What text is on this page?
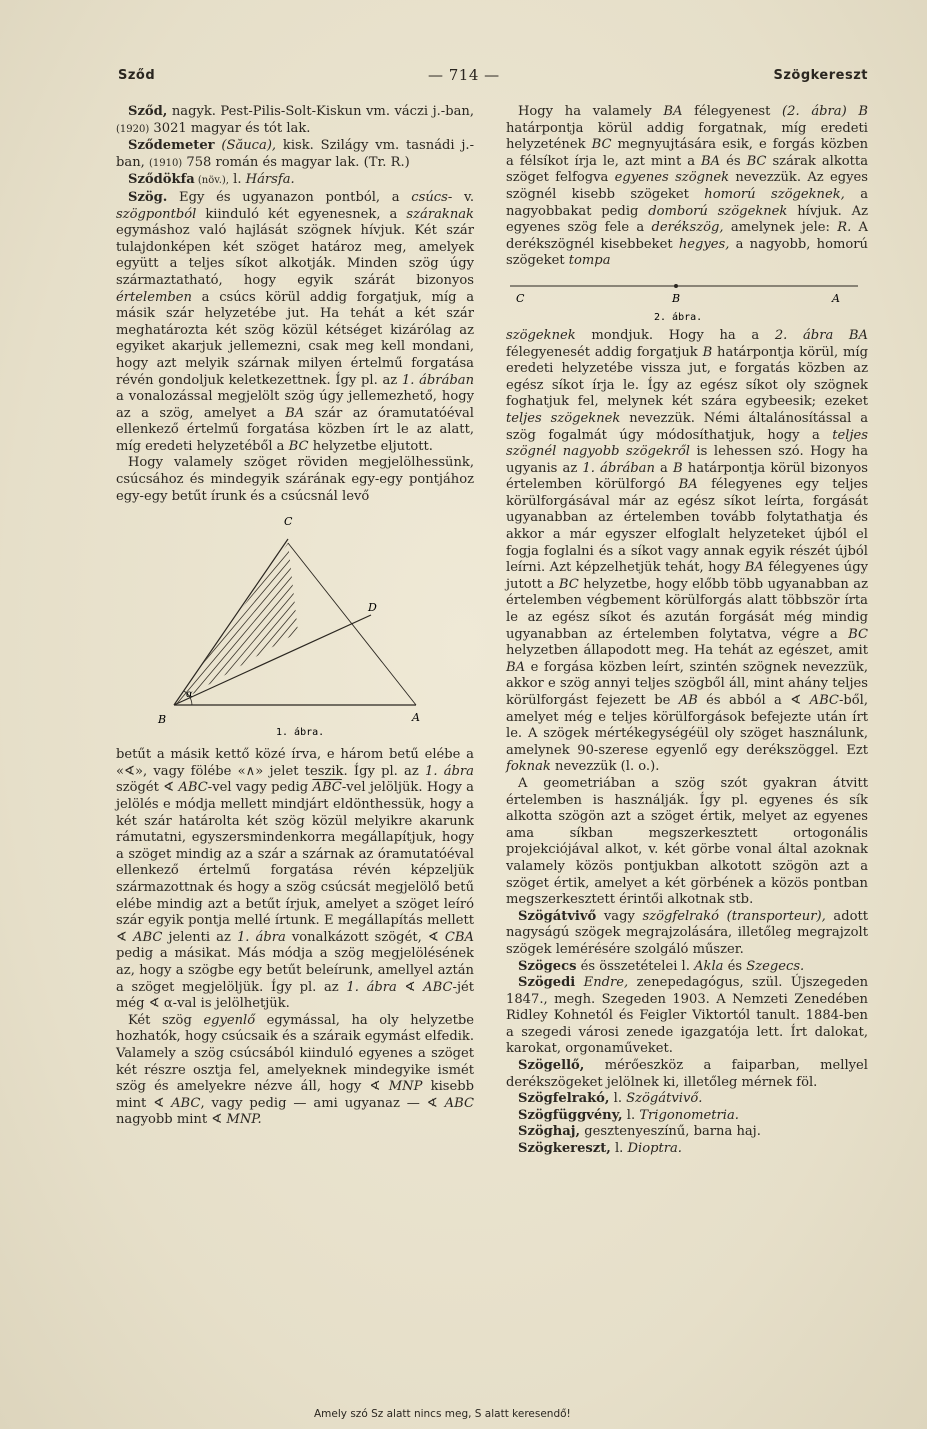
Sződ	— 714 —	Szögkereszt

Sződ, nagyk. Pest-Pilis-Solt-Kiskun vm. váczi j.-ban, (1920) 3021 magyar és tót lak.

Sződemeter (Săuca), kisk. Szilágy vm. tasnádi j.-ban, (1910) 758 román és magyar lak. (Tr. R.)

Sződökfa (növ.), l. Hársfa.

Szög. Egy és ugyanazon pontból, a csúcs- v. szögpontból kiinduló két egyenesnek, a száraknak egymáshoz való hajlását szögnek hívjuk. Két szár tulajdonképen két szöget határoz meg, amelyek együtt a teljes síkot alkotják. Minden szög úgy származtatható, hogy egyik szárát bizonyos értelemben a csúcs körül addig forgatjuk, míg a másik szár helyzetébe jut. Ha tehát a két szár meghatározta két szög közül kétséget kizárólag az egyiket akarjuk jellemezni, csak meg kell mondani, hogy azt melyik szárnak milyen értelmű forgatása révén gondoljuk keletkezettnek. Így pl. az 1. ábrában a vonalozással megjelölt szög úgy jellemezhető, hogy az a szög, amelyet a BA szár az óramutatóéval ellenkező értelmű forgatása közben írt le az alatt, míg eredeti helyzetéből a BC helyzetbe eljutott.

Hogy valamely szöget röviden megjelölhessünk, csúcsához és mindegyik szárának egy-egy pontjához egy-egy betűt írunk és a csúcsnál levő

C
D
B	A
α
1. ábra.

betűt a másik kettő közé írva, e három betű elébe a «∢», vagy fölébe «∧» jelet teszik. Így pl. az 1. ábra szögét ∢ ABC-vel vagy pedig $\overline{ABC}$-vel jelöljük. Hogy a jelölés e módja mellett mindjárt eldönthessük, hogy a két szár határolta két szög közül melyikre akarunk rámutatni, egyszersmindenkorra megállapítjuk, hogy a szöget mindig az a szár a szárnak az óramutatóéval ellenkező értelmű forgatása révén képzeljük származottnak és hogy a szög csúcsát megjelölő betű elébe mindig azt a betűt írjuk, amelyet a szöget leíró szár egyik pontja mellé írtunk. E megállapítás mellett ∢ ABC jelenti az 1. ábra vonalkázott szögét, ∢ CBA pedig a másikat. Más módja a szög megjelölésének az, hogy a szögbe egy betűt beleírunk, amellyel aztán a szöget megjelöljük. Így pl. az 1. ábra ∢ ABC-jét még ∢ α-val is jelölhetjük.

Két szög egyenlő egymással, ha oly helyzetbe hozhatók, hogy csúcsaik és a száraik egymást elfedik. Valamely a szög csúcsából kiinduló egyenes a szöget két részre osztja fel, amelyeknek mindegyike ismét szög és amelyekre nézve áll, hogy ∢ MNP kisebb mint ∢ ABC, vagy pedig — ami ugyanaz — ∢ ABC nagyobb mint ∢ MNP.

Hogy ha valamely BA félegyenest (2. ábra) B határpontja körül addig forgatnak, míg eredeti helyzetének BC megnyujtására esik, e forgás közben a félsíkot írja le, azt mint a BA és BC szárak alkotta szöget felfogva egyenes szögnek nevezzük. Az egyes szögnél kisebb szögeket homorú szögeknek, a nagyobbakat pedig domború szögeknek hívjuk. Az egyenes szög fele a derékszög, amelynek jele: R. A derékszögnél kisebbeket hegyes, a nagyobb, homorú szögeket tompa

C	B	A
2. ábra.

szögeknek mondjuk. Hogy ha a 2. ábra BA félegyenesét addig forgatjuk B határpontja körül, míg eredeti helyzetébe vissza jut, e forgatás közben az egész síkot írja le. Így az egész síkot oly szögnek foghatjuk fel, melynek két szára egybeesik; ezeket teljes szögeknek nevezzük. Némi általánosítással a szög fogalmát úgy módosíthatjuk, hogy a teljes szögnél nagyobb szögekről is lehessen szó. Hogy ha ugyanis az 1. ábrában a B határpontja körül bizonyos értelemben körülforgó BA félegyenes egy teljes körülforgásával már az egész síkot leírta, forgását ugyanabban az értelemben tovább folytathatja és akkor a már egyszer elfoglalt helyzeteket újból el fogja foglalni és a síkot vagy annak egyik részét újból leírni. Azt képzelhetjük tehát, hogy BA félegyenes úgy jutott a BC helyzetbe, hogy előbb több ugyanabban az értelemben végbement körülforgás alatt többször írta le az egész síkot és azután forgását még mindig ugyanabban az értelemben folytatva, végre a BC helyzetben állapodott meg. Ha tehát az egészet, amit BA e forgása közben leírt, szintén szögnek nevezzük, akkor e szög annyi teljes szögből áll, mint ahány teljes körülforgást fejezett be AB és abból a ∢ ABC-ből, amelyet még e teljes körülforgások befejezte után írt le. A szögek mértékegységéül oly szöget használunk, amelynek 90-szerese egyenlő egy derékszöggel. Ezt foknak nevezzük (l. o.).

A geometriában a szög szót gyakran átvitt értelemben is használják. Így pl. egyenes és sík alkotta szögön azt a szöget értik, melyet az egyenes ama síkban megszerkesztett ortogonális projekciójával alkot, v. két görbe vonal által azoknak valamely közös pontjukban alkotott szögön azt a szöget értik, amelyet a két görbének a közös pontban megszerkesztett érintői alkotnak stb.

Szögátvivő vagy szögfelrakó (transporteur), adott nagyságú szögek megrajzolására, illetőleg megrajzolt szögek lemérésére szolgáló műszer.

Szögecs és összetételei l. Akla és Szegecs.

Szögedi Endre, zenepedagógus, szül. Újszegeden 1847., megh. Szegeden 1903. A Nemzeti Zenedében Ridley Kohnetól és Feigler Viktortól tanult. 1884-ben a szegedi városi zenede igazgatója lett. Írt dalokat, karokat, orgonaműveket.

Szögellő, mérőeszköz a faiparban, mellyel derékszögeket jelölnek ki, illetőleg mérnek föl.

Szögfelrakó, l. Szögátvivő.

Szögfüggvény, l. Trigonometria.

Szöghaj, gesztenyeszínű, barna haj.

Szögkereszt, l. Dioptra.

Amely szó Sz alatt nincs meg, S alatt keresendő!
